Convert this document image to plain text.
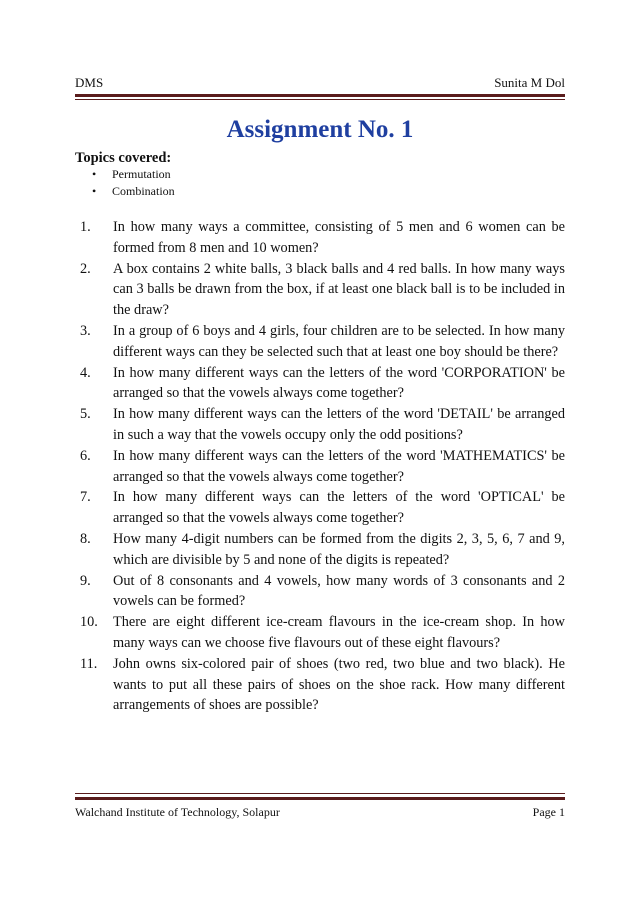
DMS	Sunita M Dol
Assignment No. 1
Topics covered:
• Permutation
• Combination
1. In how many ways a committee, consisting of 5 men and 6 women can be formed from 8 men and 10 women?
2. A box contains 2 white balls, 3 black balls and 4 red balls. In how many ways can 3 balls be drawn from the box, if at least one black ball is to be included in the draw?
3. In a group of 6 boys and 4 girls, four children are to be selected. In how many different ways can they be selected such that at least one boy should be there?
4. In how many different ways can the letters of the word 'CORPORATION' be arranged so that the vowels always come together?
5. In how many different ways can the letters of the word 'DETAIL' be arranged in such a way that the vowels occupy only the odd positions?
6. In how many different ways can the letters of the word 'MATHEMATICS' be arranged so that the vowels always come together?
7. In how many different ways can the letters of the word 'OPTICAL' be arranged so that the vowels always come together?
8. How many 4-digit numbers can be formed from the digits 2, 3, 5, 6, 7 and 9, which are divisible by 5 and none of the digits is repeated?
9. Out of 8 consonants and 4 vowels, how many words of 3 consonants and 2 vowels can be formed?
10. There are eight different ice-cream flavours in the ice-cream shop. In how many ways can we choose five flavours out of these eight flavours?
11. John owns six-colored pair of shoes (two red, two blue and two black). He wants to put all these pairs of shoes on the shoe rack. How many different arrangements of shoes are possible?
Walchand Institute of Technology, Solapur	Page 1
